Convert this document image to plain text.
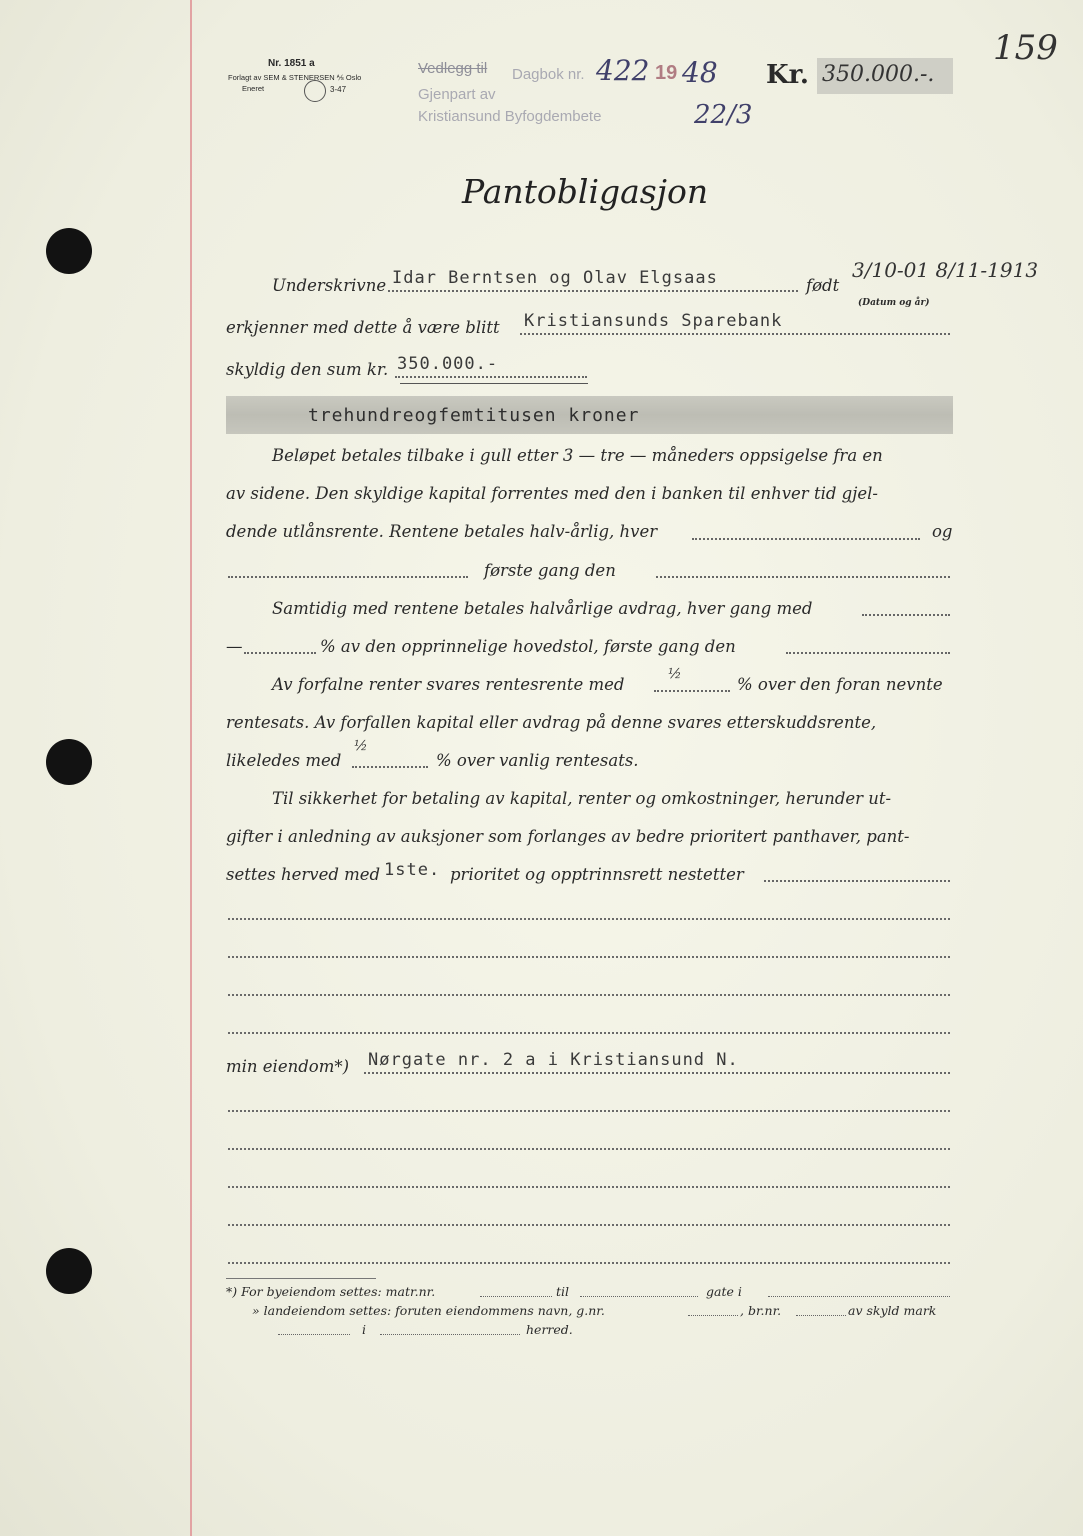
159
Nr. 1851 a
Forlagt av SEM & STENERSEN ⅍ Oslo
Eneret	3-47
Vedlegg til Dagbok nr. 422 19 48
Gjenpart av
Kristiansund Byfogdembete	22/3
Kr. 350.000.-.
Pantobligasjon
Underskrivne Idar Berntsen og Olav Elgsaas	født
3/10-01 8/11-1913
(Datum og år)
erkjenner med dette å være blitt Kristiansunds Sparebank
skyldig den sum kr. 350.000.-
trehundreogfemtitusen kroner
Beløpet betales tilbake i gull etter 3 — tre — måneders oppsigelse fra en
av sidene. Den skyldige kapital forrentes med den i banken til enhver tid gjel-
dende utlånsrente. Rentene betales halv-årlig, hver	og
første gang den
Samtidig med rentene betales halvårlige avdrag, hver gang med
—	% av den opprinnelige hovedstol, første gang den
Av forfalne renter svares rentesrente med
½
% over den foran nevnte
rentesats. Av forfallen kapital eller avdrag på denne svares etterskuddsrente,
likeledes med
½
% over vanlig rentesats.
Til sikkerhet for betaling av kapital, renter og omkostninger, herunder ut-
gifter i anledning av auksjoner som forlanges av bedre prioritert panthaver, pant-
settes herved med 1ste. prioritet og opptrinnsrett nestetter
min eiendom*) Nørgate nr. 2 a i Kristiansund N.
*) For byeiendom settes: matr.nr.	til	gate i
» landeiendom settes: foruten eiendommens navn, g.nr.	, br.nr.	av skyld mark
i	herred.
